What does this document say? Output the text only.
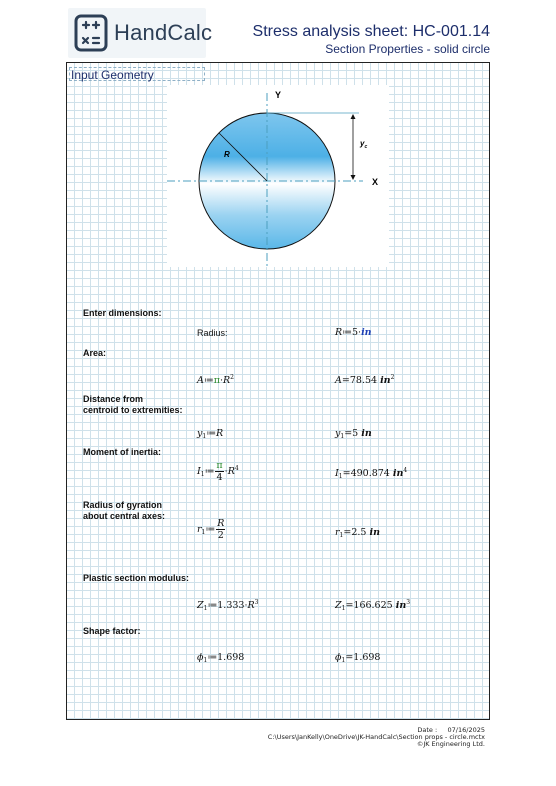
HandCalc	Stress analysis sheet: HC-001.14
Section Properties - solid circle
Input Geometry
Y
X
R
$y_c$
Enter dimensions:
Radius:	R≔5·in
Area:
$A≔\pi\cdot R^2$	A=78.54 $in^2$
Distance from
centroid to extremities:
$y_1≔R$	$y_1=5$ in
Moment of inertia:
$I_1≔ \frac{\pi}{4} \cdot R^4$	$I_1=490.874$ $in^4$
Radius of gyration
about central axes:
$r_1≔ \frac{R}{2}$	$r_1=2.5$ in
Plastic section modulus:
$Z_1≔1.333\cdot R^3$	$Z_1=166.625$ $in^3$
Shape factor:
$\phi_1≔1.698$	$\phi_1=1.698$
Date : 07/16/2025
C:\Users\JanKelly\OneDrive\JK-HandCalc\Section props - circle.mctx
©JK Engineering Ltd.
